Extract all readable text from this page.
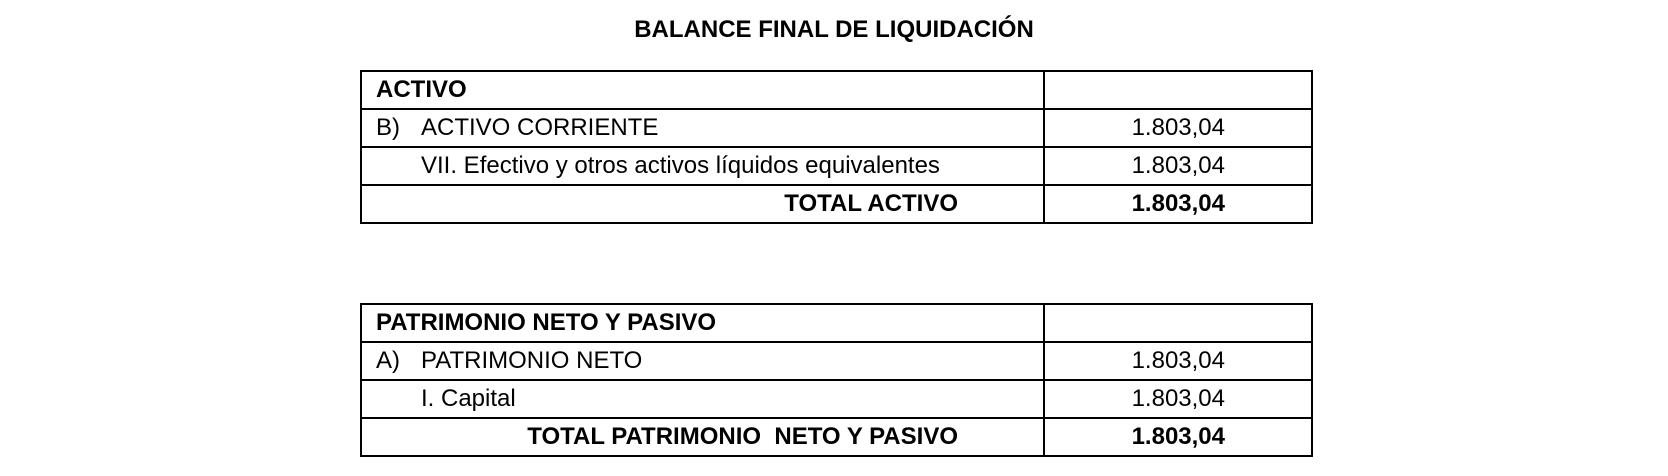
BALANCE FINAL DE LIQUIDACIÓN
ACTIVO	
B) ACTIVO CORRIENTE	1.803,04
VII. Efectivo y otros activos líquidos equivalentes	1.803,04
TOTAL ACTIVO	1.803,04
PATRIMONIO NETO Y PASIVO	
A) PATRIMONIO NETO	1.803,04
I. Capital	1.803,04
TOTAL PATRIMONIO  NETO Y PASIVO	1.803,04
